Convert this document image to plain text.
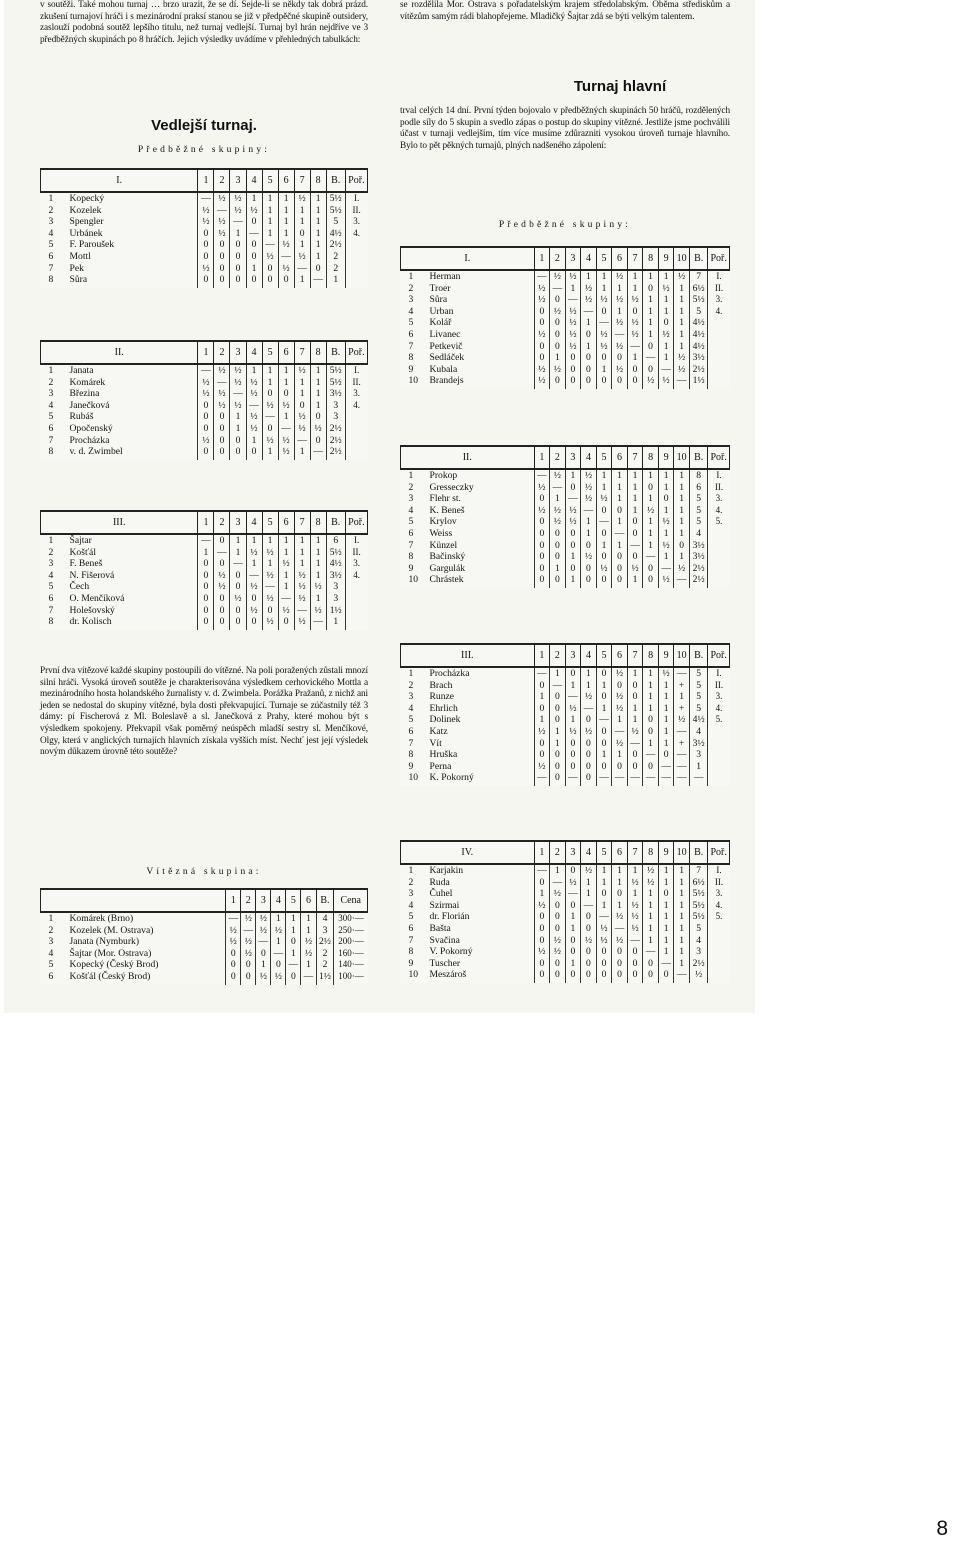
v soutěži. Také mohou turnaj … brzo urazit, že se dí. Sejde-li se někdy tak dobrá prázd. zkušení turnajoví hráči i s mezinárodní praksí stanou se již v předpěčné skupině outsidery, zaslouží podobná soutěž lepšího titulu, než turnaj vedlejší. Turnaj byl hrán nejdříve ve 3 předběžných skupinách po 8 hráčích. Jejich výsledky uvádíme v přehledných tabulkách:

Vedlejší turnaj.

Předběžné skupiny:

I.		1	2	3	4	5	6	7	8	B.	Poř.
1	Kopecký	—	½	½	1	1	1	½	1	5½	I.
2	Kozelek	½	—	½	½	1	1	1	1	5½	II.
3	Spengler	½	½	—	0	1	1	1	1	5	3.
4	Urbánek	0	½	1	—	1	1	0	1	4½	4.
5	F. Paroušek	0	0	0	0	—	½	1	1	2½	
6	Mottl	0	0	0	0	½	—	½	1	2	
7	Pek	½	0	0	1	0	½	—	0	2	
8	Sůra	0	0	0	0	0	0	1	—	1	
II.		1	2	3	4	5	6	7	8	B.	Poř.
1	Janata	—	½	½	1	1	1	½	1	5½	I.
2	Komárek	½	—	½	½	1	1	1	1	5½	II.
3	Březina	½	½	—	½	0	0	1	1	3½	3.
4	Janečková	0	½	½	—	½	½	0	1	3	4.
5	Rubáš	0	0	1	½	—	1	½	0	3	
6	Opočenský	0	0	1	½	0	—	½	½	2½	
7	Procházka	½	0	0	1	½	½	—	0	2½	
8	v. d. Zwimbel	0	0	0	0	1	½	1	—	2½	
III.		1	2	3	4	5	6	7	8	B.	Poř.
1	Šajtar	—	0	1	1	1	1	1	1	6	I.
2	Košťál	1	—	1	½	½	1	1	1	5½	II.
3	F. Beneš	0	0	—	1	1	½	1	1	4½	3.
4	N. Fišerová	0	½	0	—	½	1	½	1	3½	4.
5	Čech	0	½	0	½	—	1	½	½	3	
6	O. Menčíková	0	0	½	0	½	—	½	1	3	
7	Holešovský	0	0	0	½	0	½	—	½	1½	
8	dr. Kolisch	0	0	0	0	½	0	½	—	1	

První dva vítězové každé skupiny postoupili do vítězné. Na poli poražených zůstali mnozí silní hráči. Vysoká úroveň soutěže je charakterisována výsledkem cerhovického Mottla a mezinárodního hosta holandského žurnalisty v. d. Zwimbela. Porážka Pražanů, z nichž ani jeden se nedostal do skupiny vítězné, byla dosti překvapující. Turnaje se zúčastnily též 3 dámy: pí Fischerová z Ml. Boleslavě a sl. Janečková z Prahy, které mohou být s výsledkem spokojeny. Překvapil však poměrný neúspěch mladší sestry sl. Menčíkové, Olgy, která v anglických turnajích hlavních získala vyšších míst. Nechť jest její výsledek novým důkazem úrovně této soutěže?

Vítězná skupina:

		1	2	3	4	5	6	B.	Cena
1	Komárek (Brno)	—	½	½	1	1	1	4	300·—
2	Kozelek (M. Ostrava)	½	—	½	½	1	1	3	250·—
3	Janata (Nymburk)	½	½	—	1	0	½	2½	200·—
4	Šajtar (Mor. Ostrava)	0	½	0	—	1	½	2	160·—
5	Kopecký (Český Brod)	0	0	1	0	—	1	2	140·—
6	Košťál (Český Brod)	0	0	½	½	0	—	1½	100·—

se rozdělila Mor. Ostrava s pořadatelským krajem středolabským. Oběma střediskům a vítězům samým rádi blahopřejeme. Mladičký Šajtar zdá se býti velkým talentem.

Turnaj hlavní

trval celých 14 dní. První týden bojovalo v předběžných skupinách 50 hráčů, rozdělených podle síly do 5 skupin a svedlo zápas o postup do skupiny vítězné. Jestliže jsme pochválili účast v turnaji vedlejším, tím více musíme zdůrazniti vysokou úroveň turnaje hlavního. Bylo to pět pěkných turnajů, plných nadšeného zápolení:

Předběžné skupiny:

I.		1	2	3	4	5	6	7	8	9	10	B.	Poř.
1	Herman	—	½	½	1	1	½	1	1	1	½	7	I.
2	Troer	½	—	1	½	1	1	1	0	½	1	6½	II.
3	Sůra	½	0	—	½	½	½	½	1	1	1	5½	3.
4	Urban	0	½	½	—	0	1	0	1	1	1	5	4.
5	Kolář	0	0	½	1	—	½	½	1	0	1	4½	
6	Livanec	½	0	½	0	½	—	½	1	½	1	4½	
7	Petkevič	0	0	½	1	½	½	—	0	1	1	4½	
8	Sedláček	0	1	0	0	0	0	1	—	1	½	3½	
9	Kubala	½	½	0	0	1	½	0	0	—	½	2½	
10	Brandejs	½	0	0	0	0	0	0	½	½	—	1½	
II.		1	2	3	4	5	6	7	8	9	10	B.	Poř.
1	Prokop	—	½	1	½	1	1	1	1	1	1	8	I.
2	Gresseczky	½	—	0	½	1	1	1	0	1	1	6	II.
3	Flehr st.	0	1	—	½	½	1	1	1	0	1	5	3.
4	K. Beneš	½	½	½	—	0	0	1	½	1	1	5	4.
5	Krylov	0	½	½	1	—	1	0	1	½	1	5	5.
6	Weiss	0	0	0	1	0	—	0	1	1	1	4	
7	Künzel	0	0	0	0	1	1	—	1	½	0	3½	
8	Bačinský	0	0	1	½	0	0	0	—	1	1	3½	
9	Gargulák	0	1	0	0	½	0	½	0	—	½	2½	
10	Chrástek	0	0	1	0	0	0	1	0	½	—	2½	
III.		1	2	3	4	5	6	7	8	9	10	B.	Poř.
1	Procházka	—	1	0	1	0	½	1	1	½	—	5	I.
2	Brach	0	—	1	1	1	0	0	1	1	+	5	II.
3	Runze	1	0	—	½	0	½	0	1	1	1	5	3.
4	Ehrlich	0	0	½	—	1	½	1	1	1	+	5	4.
5	Dolinek	1	0	1	0	—	1	1	0	1	½	4½	5.
6	Katz	½	1	½	½	0	—	½	0	1	—	4	
7	Vít	0	1	0	0	0	½	—	1	1	+	3½	
8	Hruška	0	0	0	0	1	1	0	—	0	—	3	
9	Perna	½	0	0	0	0	0	0	0	—	—	1	
10	K. Pokorný	—	0	—	0	—	—	—	—	—	—	—	
IV.		1	2	3	4	5	6	7	8	9	10	B.	Poř.
1	Karjakin	—	1	0	½	1	1	1	½	1	1	7	I.
2	Ruda	0	—	½	1	1	1	½	½	1	1	6½	II.
3	Čuhel	1	½	—	1	0	0	1	1	0	1	5½	3.
4	Szirmai	½	0	0	—	1	1	½	1	1	1	5½	4.
5	dr. Florián	0	0	1	0	—	½	½	1	1	1	5½	5.
6	Bašta	0	0	1	0	½	—	½	1	1	1	5	
7	Svačina	0	½	0	½	½	½	—	1	1	1	4	
8	V. Pokorný	½	½	0	0	0	0	0	—	1	1	3	
9	Tuscher	0	0	1	0	0	0	0	0	—	1	2½	
10	Meszároš	0	0	0	0	0	0	0	0	0	—	½	
8
